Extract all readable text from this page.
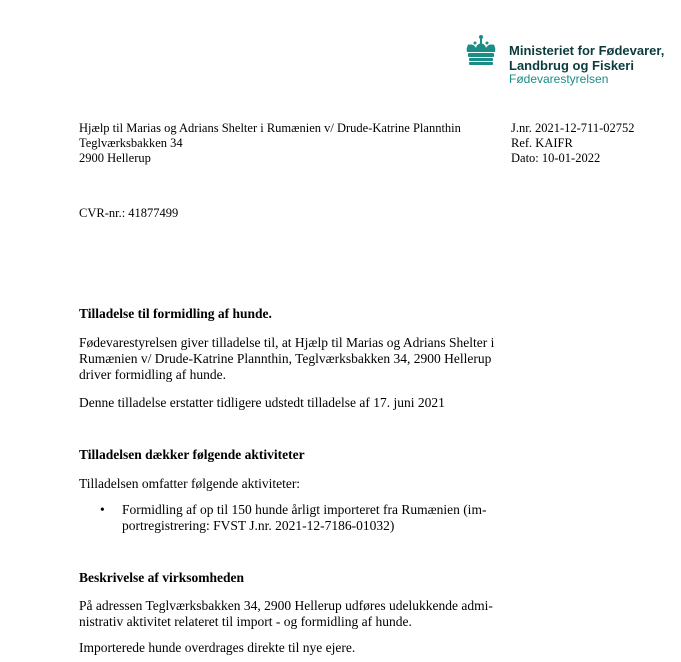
Ministeriet for Fødevarer,
Landbrug og Fiskeri
Fødevarestyrelsen
Hjælp til Marias og Adrians Shelter i Rumænien v/ Drude-Katrine Plannthin
Teglværksbakken 34
2900 Hellerup
J.nr. 2021-12-711-02752
Ref. KAIFR
Dato: 10-01-2022
CVR-nr.: 41877499
Tilladelse til formidling af hunde.
Fødevarestyrelsen giver tilladelse til, at Hjælp til Marias og Adrians Shelter i
Rumænien v/ Drude-Katrine Plannthin, Teglværksbakken 34, 2900 Hellerup
driver formidling af hunde.
Denne tilladelse erstatter tidligere udstedt tilladelse af 17. juni 2021
Tilladelsen dækker følgende aktiviteter
Tilladelsen omfatter følgende aktiviteter:
• Formidling af op til 150 hunde årligt importeret fra Rumænien (im-
portregistrering: FVST J.nr. 2021-12-7186-01032)
Beskrivelse af virksomheden
På adressen Teglværksbakken 34, 2900 Hellerup udføres udelukkende admi-
nistrativ aktivitet relateret til import - og formidling af hunde.
Importerede hunde overdrages direkte til nye ejere.
